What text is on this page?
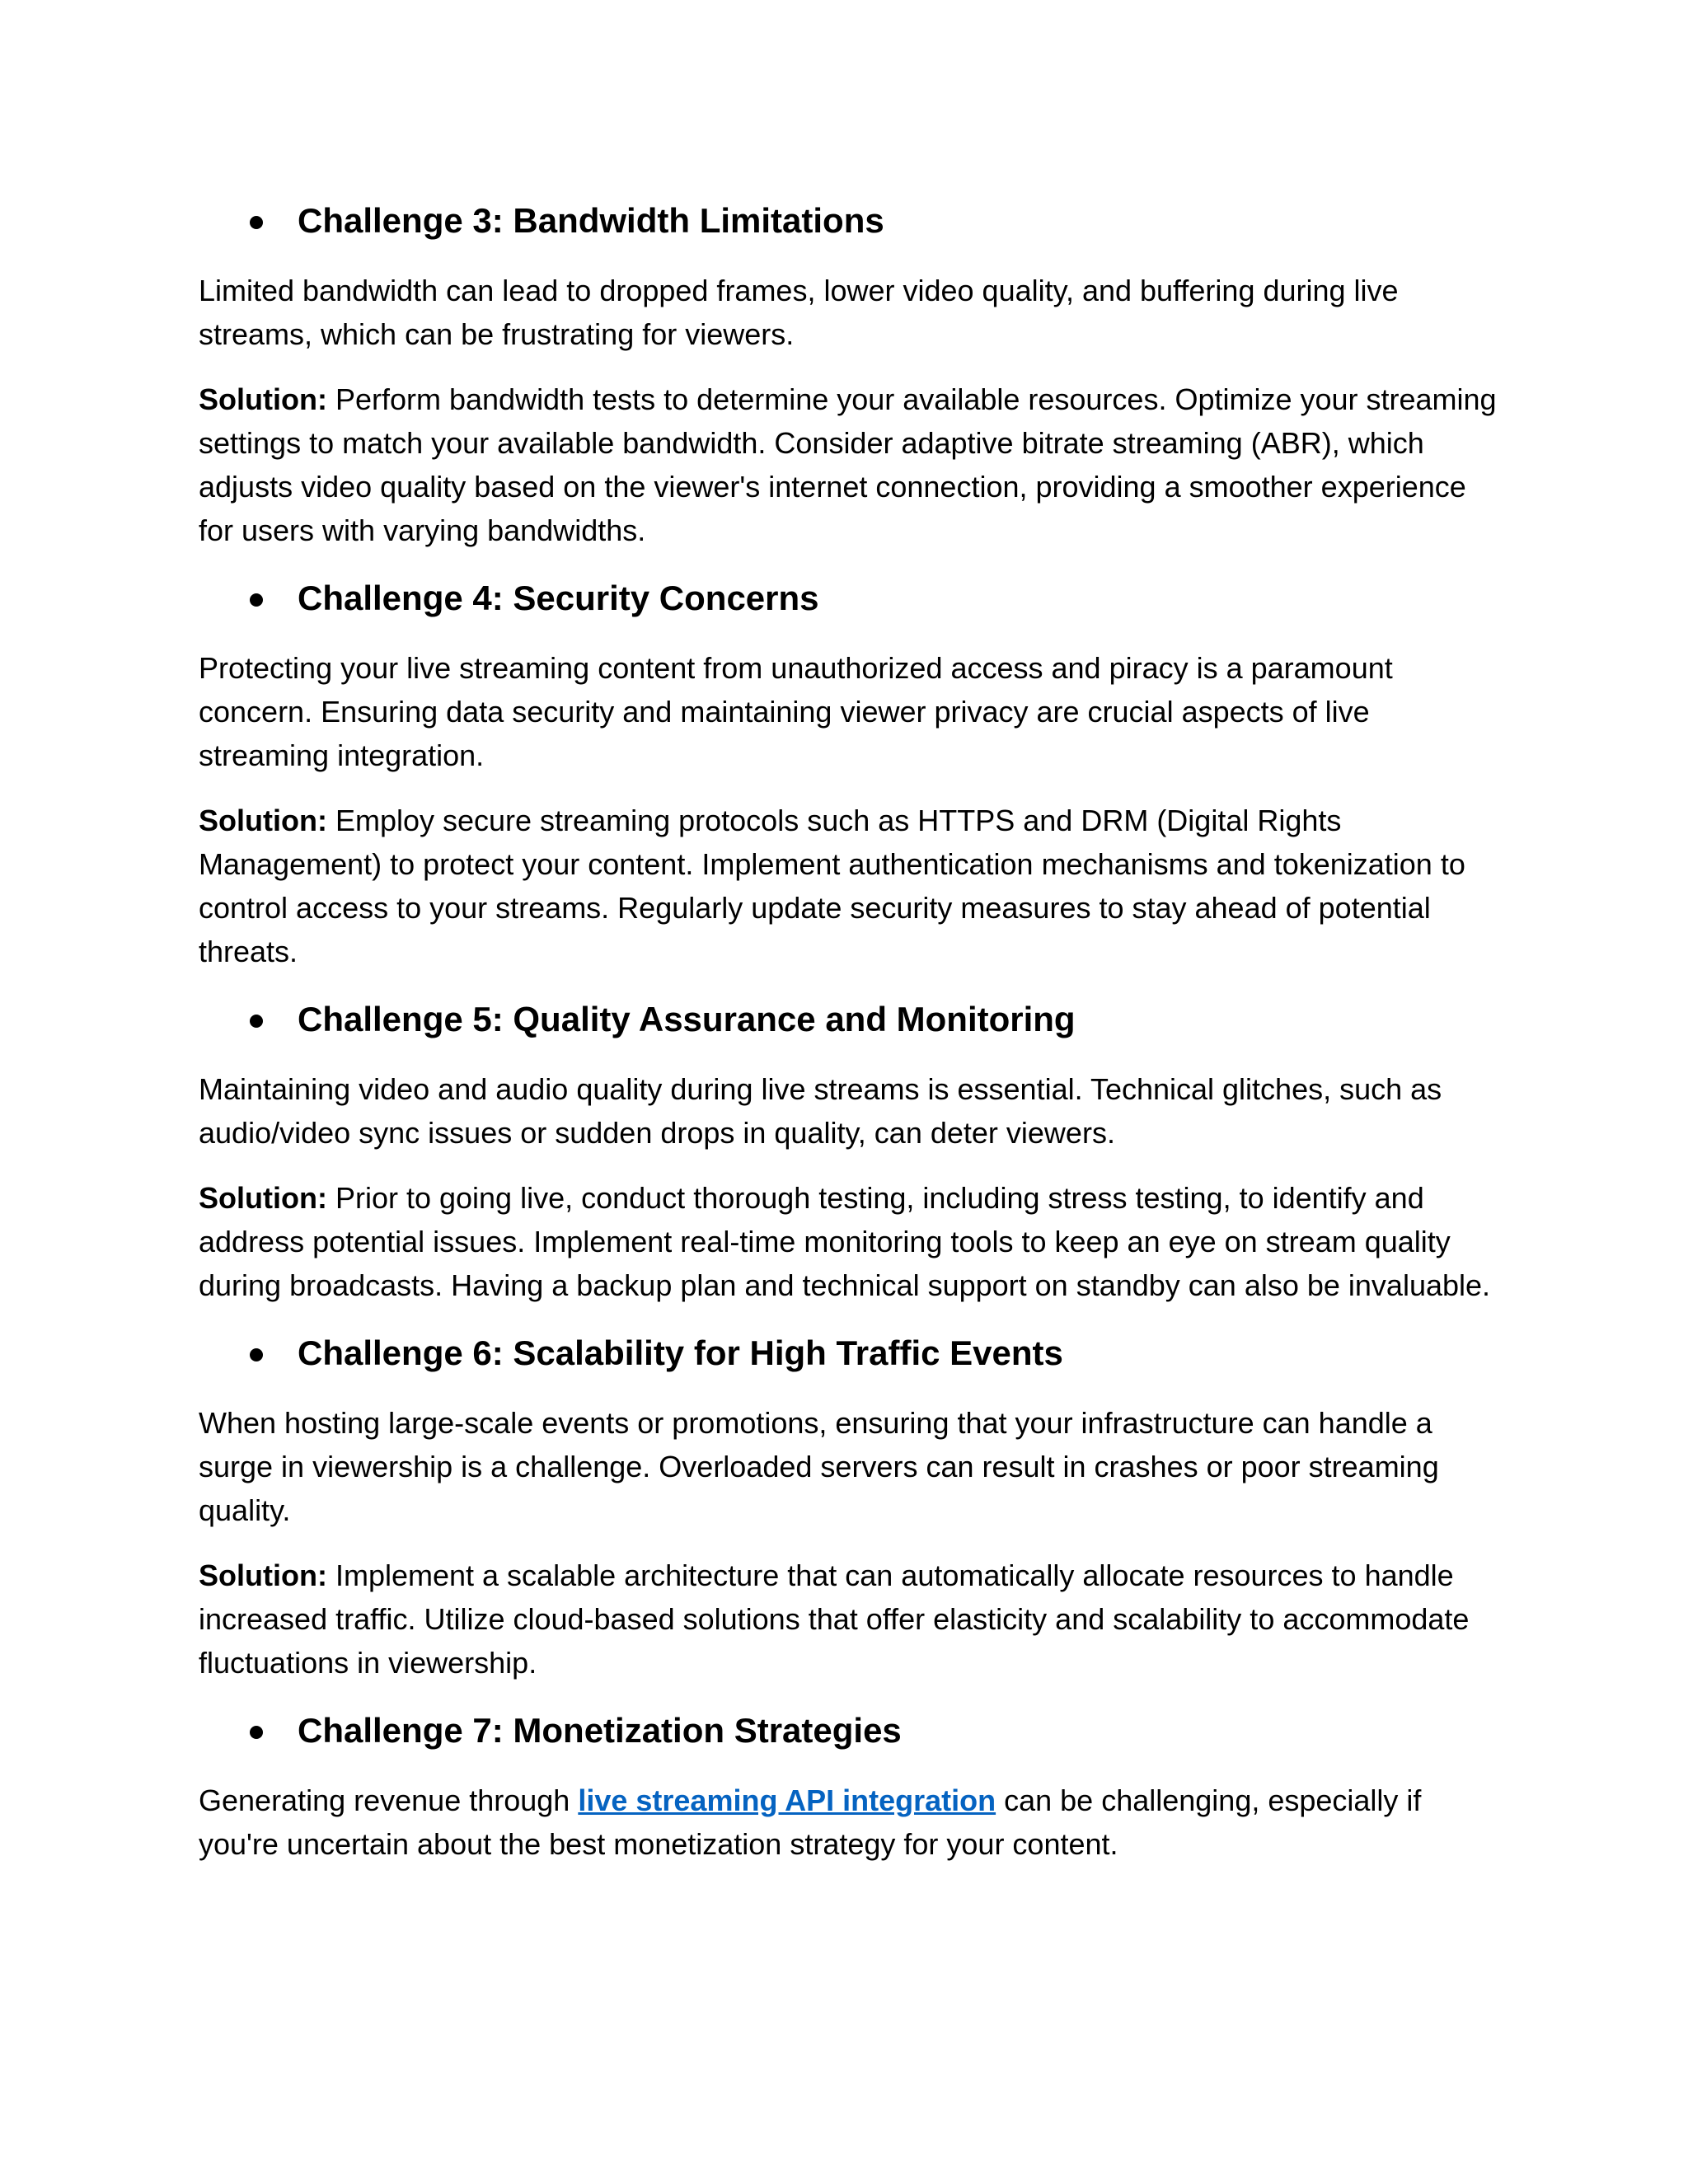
Challenge 3: Bandwidth Limitations

Limited bandwidth can lead to dropped frames, lower video quality, and buffering during live streams, which can be frustrating for viewers.

Solution: Perform bandwidth tests to determine your available resources. Optimize your streaming settings to match your available bandwidth. Consider adaptive bitrate streaming (ABR), which adjusts video quality based on the viewer's internet connection, providing a smoother experience for users with varying bandwidths.

Challenge 4: Security Concerns

Protecting your live streaming content from unauthorized access and piracy is a paramount concern. Ensuring data security and maintaining viewer privacy are crucial aspects of live streaming integration.

Solution: Employ secure streaming protocols such as HTTPS and DRM (Digital Rights Management) to protect your content. Implement authentication mechanisms and tokenization to control access to your streams. Regularly update security measures to stay ahead of potential threats.

Challenge 5: Quality Assurance and Monitoring

Maintaining video and audio quality during live streams is essential. Technical glitches, such as audio/video sync issues or sudden drops in quality, can deter viewers.

Solution: Prior to going live, conduct thorough testing, including stress testing, to identify and address potential issues. Implement real-time monitoring tools to keep an eye on stream quality during broadcasts. Having a backup plan and technical support on standby can also be invaluable.

Challenge 6: Scalability for High Traffic Events

When hosting large-scale events or promotions, ensuring that your infrastructure can handle a surge in viewership is a challenge. Overloaded servers can result in crashes or poor streaming quality.

Solution: Implement a scalable architecture that can automatically allocate resources to handle increased traffic. Utilize cloud-based solutions that offer elasticity and scalability to accommodate fluctuations in viewership.

Challenge 7: Monetization Strategies

Generating revenue through live streaming API integration can be challenging, especially if you're uncertain about the best monetization strategy for your content.
